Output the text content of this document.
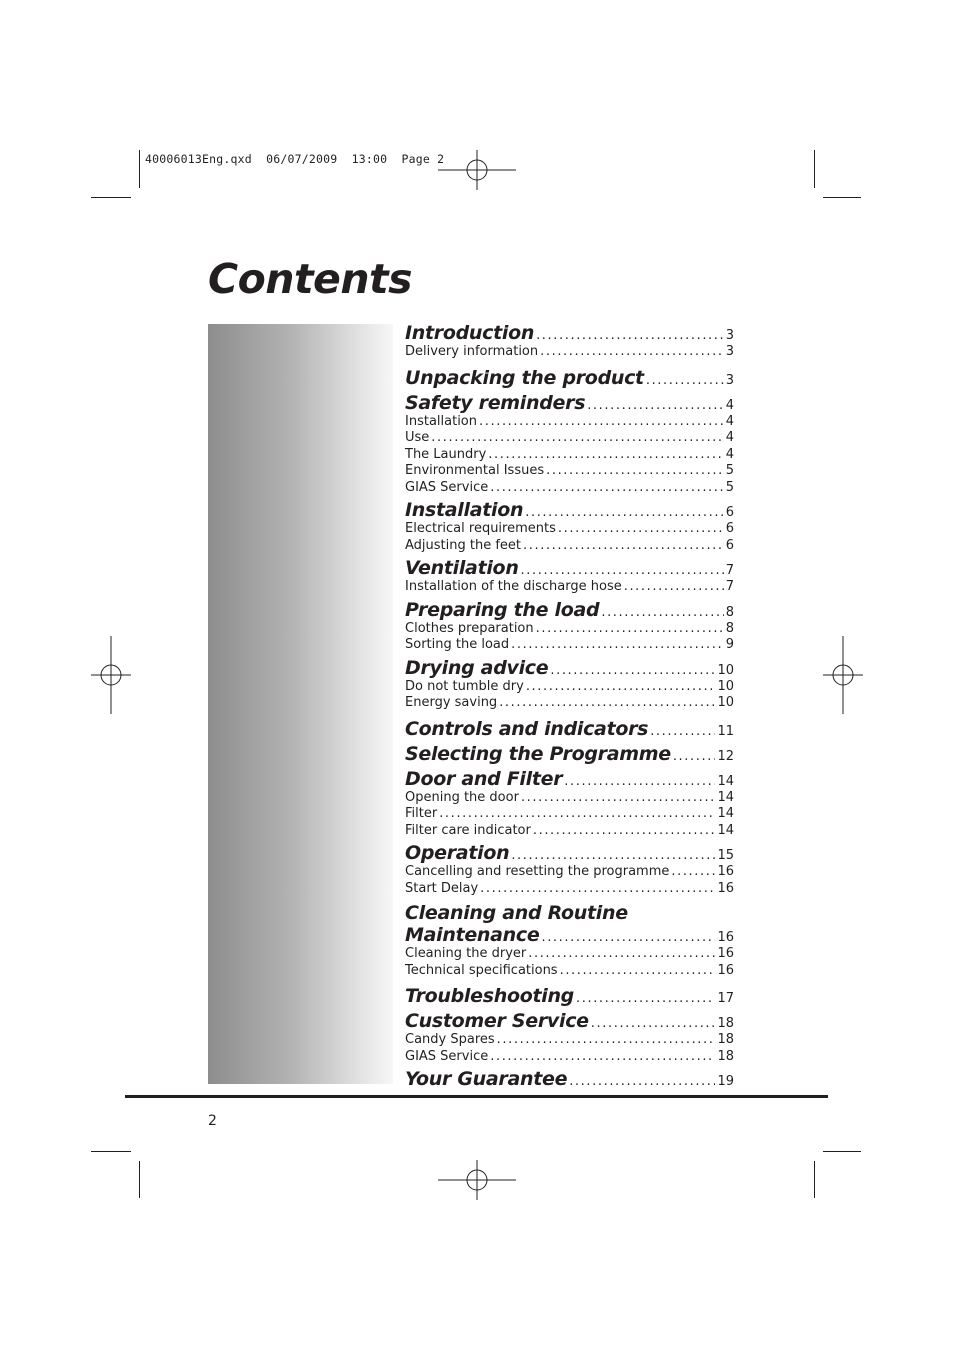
40006013Eng.qxd  06/07/2009  13:00  Page 2
Contents
Introduction .....	3
Delivery information .....	3
Unpacking the product .....	3
Safety reminders .....	4
Installation .....	4
Use .....	4
The Laundry .....	4
Environmental Issues .....	5
GIAS Service .....	5
Installation .....	6
Electrical requirements .....	6
Adjusting the feet .....	6
Ventilation .....	7
Installation of the discharge hose .....	7
Preparing the load .....	8
Clothes preparation .....	8
Sorting the load .....	9
Drying advice .....	10
Do not tumble dry .....	10
Energy saving .....	10
Controls and indicators .....	11
Selecting the Programme .....	12
Door and Filter .....	14
Opening the door .....	14
Filter .....	14
Filter care indicator .....	14
Operation .....	15
Cancelling and resetting the programme .....	16
Start Delay .....	16
Cleaning and Routine
Maintenance .....	16
Cleaning the dryer .....	16
Technical specifications .....	16
Troubleshooting .....	17
Customer Service .....	18
Candy Spares .....	18
GIAS Service .....	18
Your Guarantee .....	19
2
